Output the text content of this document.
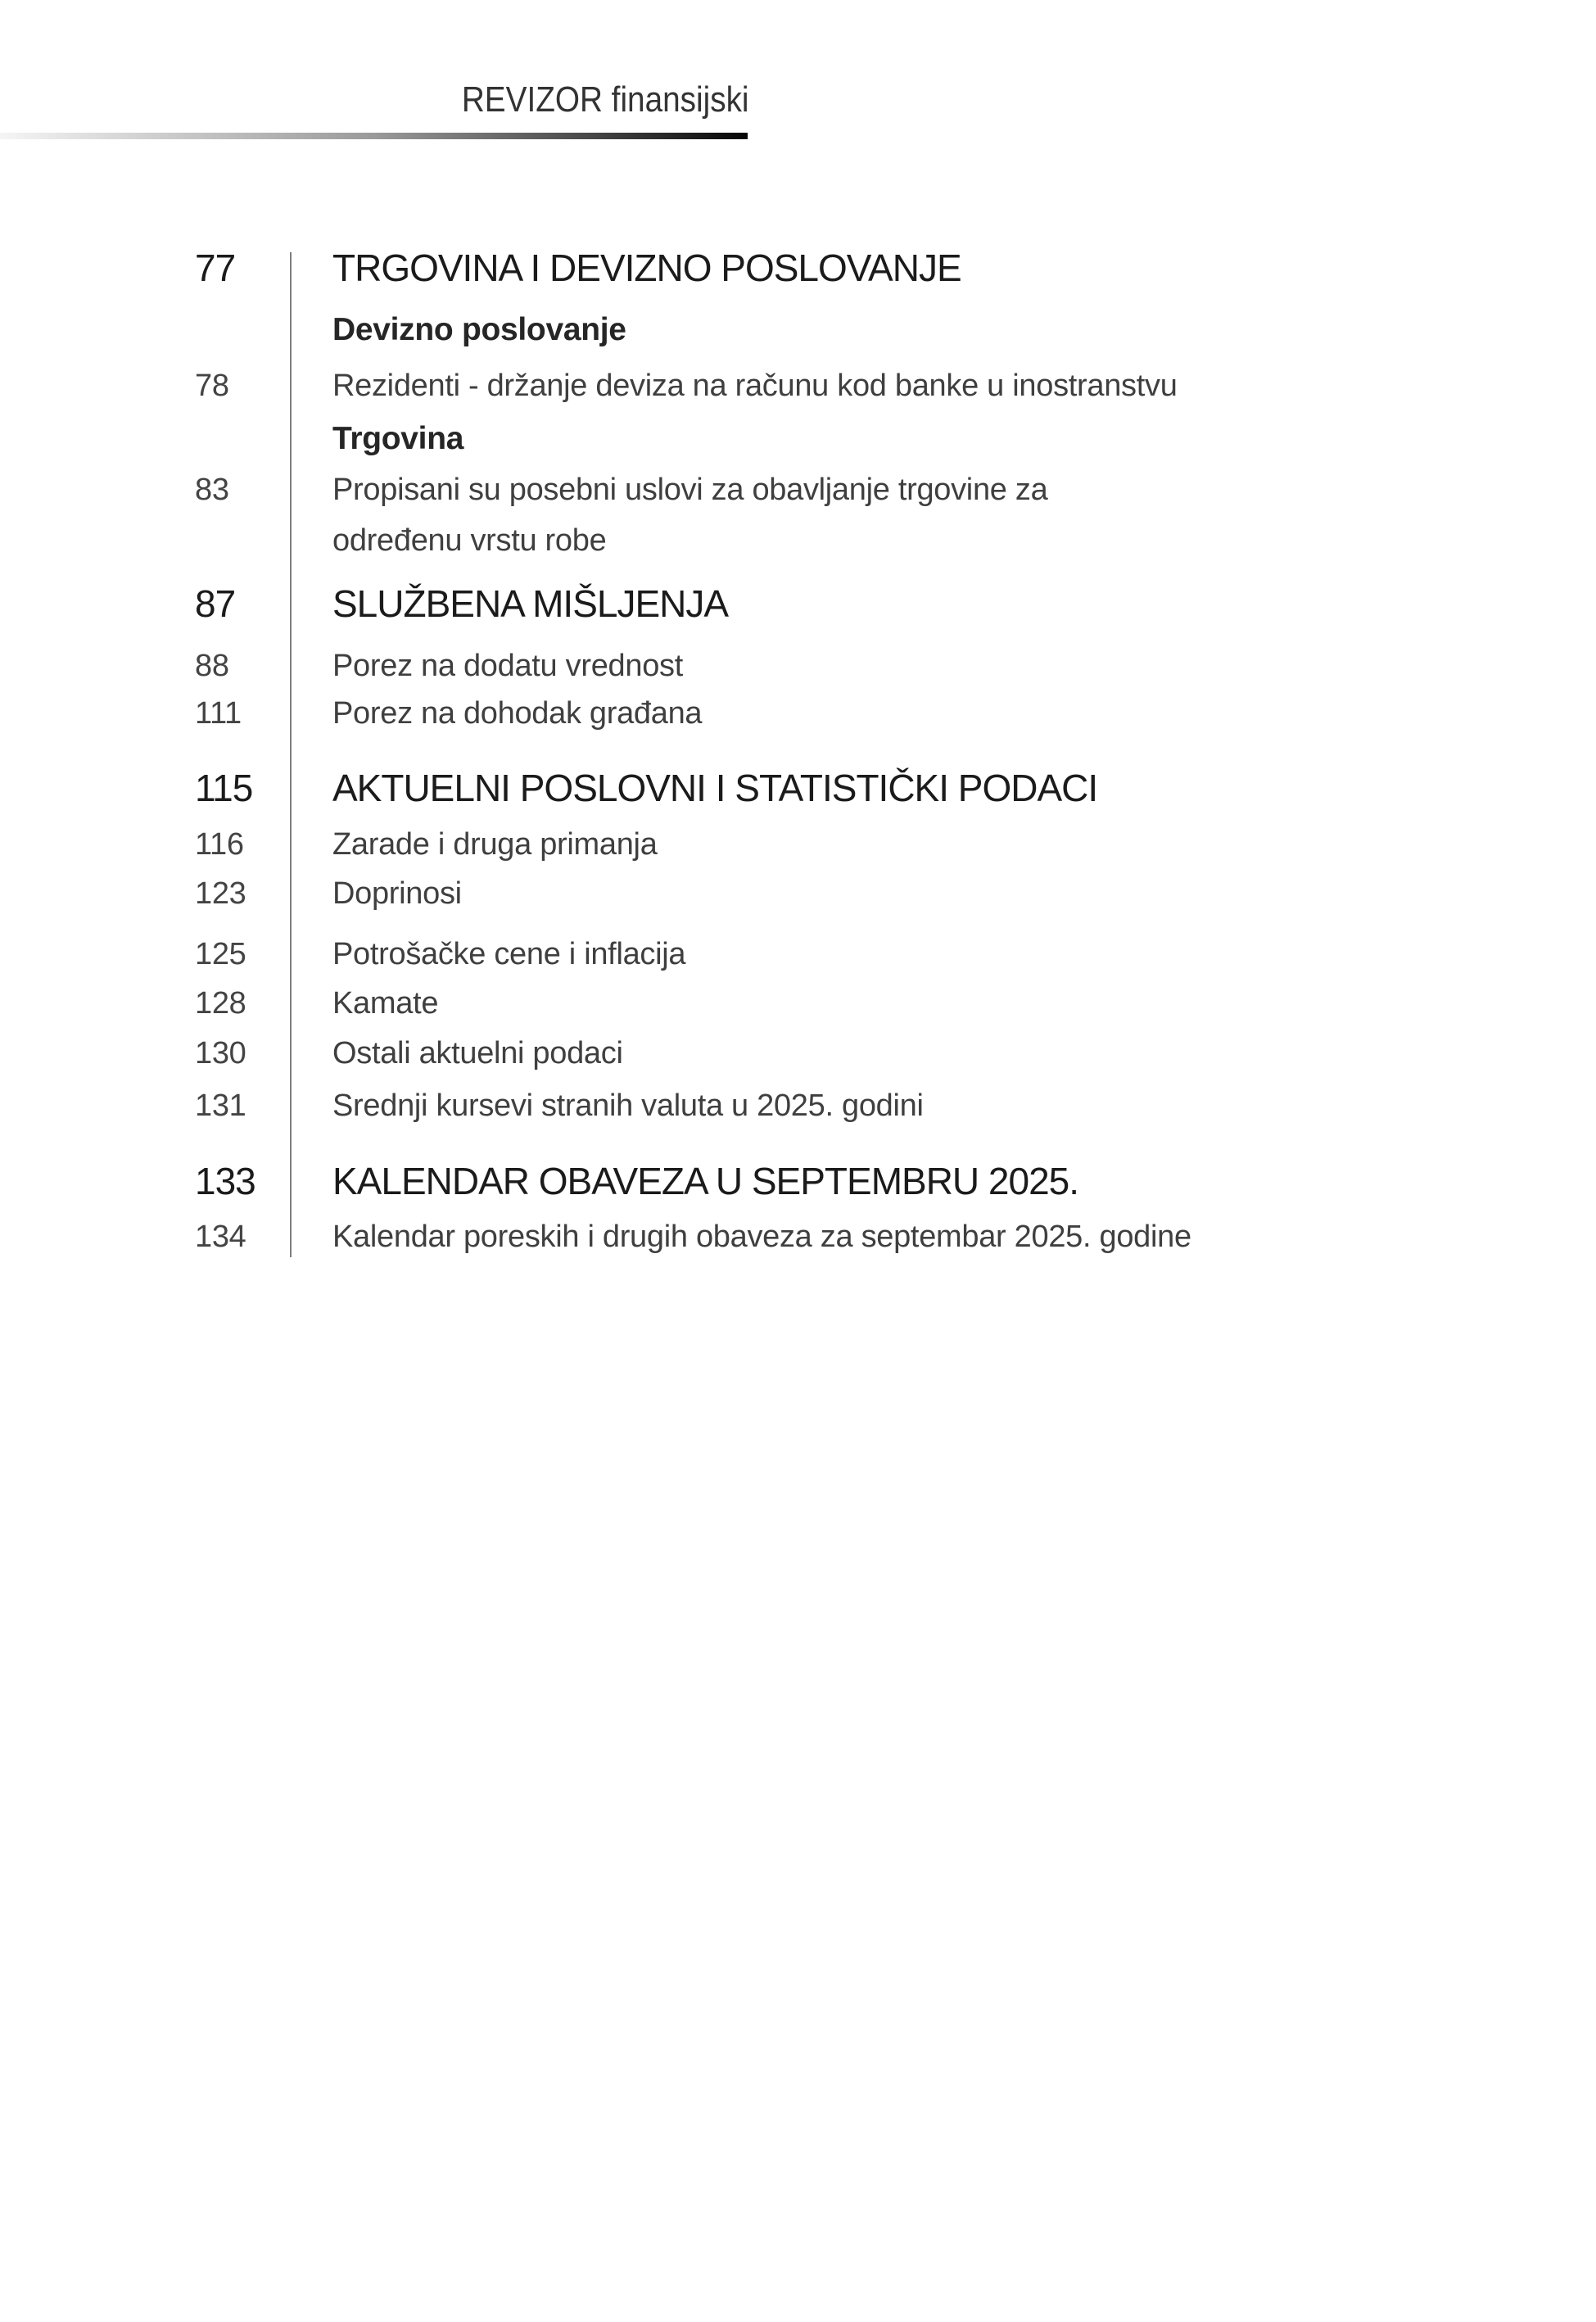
REVIZOR finansijski
77	TRGOVINA I DEVIZNO POSLOVANJE
Devizno poslovanje
78	Rezidenti - držanje deviza na računu kod banke u inostranstvu
Trgovina
83	Propisani su posebni uslovi za obavljanje trgovine za
određenu vrstu robe
87	SLUŽBENA MIŠLJENJA
88	Porez na dodatu vrednost
111	Porez na dohodak građana
115 AKTUELNI POSLOVNI I STATISTIČKI PODACI
116	Zarade i druga primanja
123	Doprinosi
125	Potrošačke cene i inflacija
128	Kamate
130	Ostali aktuelni podaci
131	Srednji kursevi stranih valuta u 2025. godini
133 KALENDAR OBAVEZA U SEPTEMBRU 2025.
134	Kalendar poreskih i drugih obaveza za septembar 2025. godine
